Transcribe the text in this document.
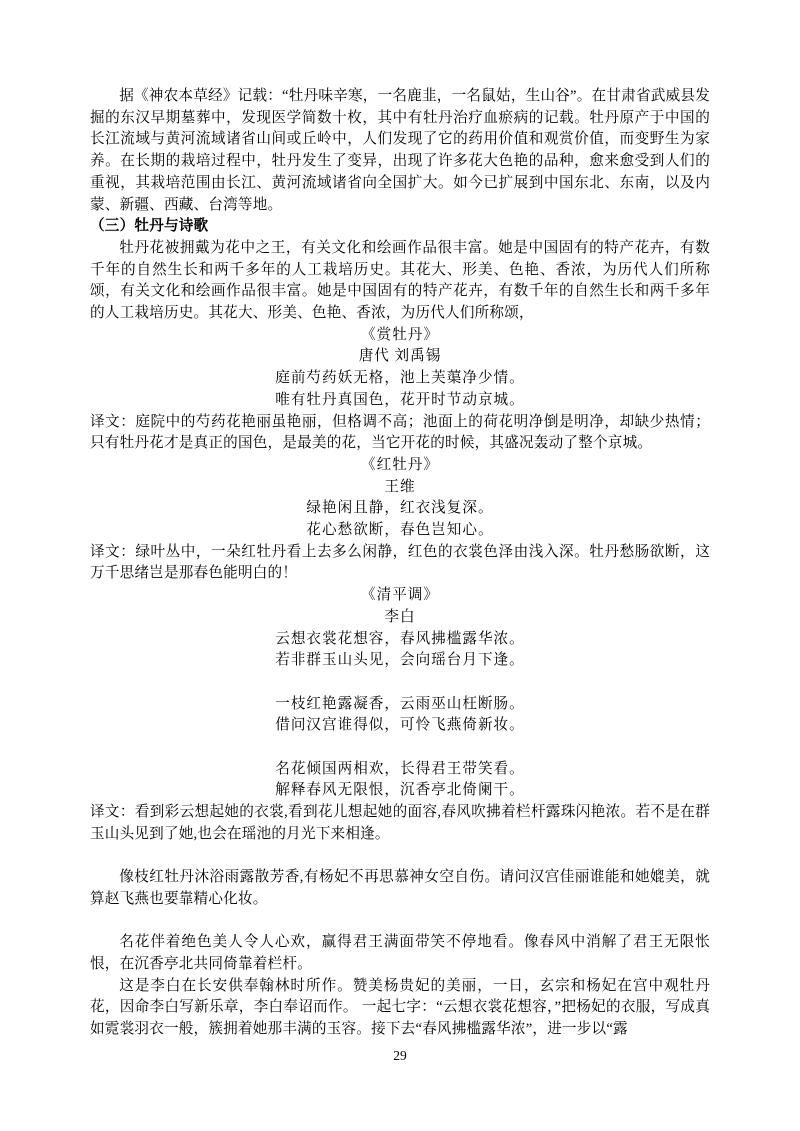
据《神农本草经》记载：“牡丹味辛寒，一名鹿韭，一名鼠姑，生山谷”。在甘肃省武威县发掘的东汉早期墓葬中，发现医学简数十枚，其中有牡丹治疗血瘀病的记载。牡丹原产于中国的长江流域与黄河流域诸省山间或丘岭中，人们发现了它的药用价值和观赏价值，而变野生为家养。在长期的栽培过程中，牡丹发生了变异，出现了许多花大色艳的品种，愈来愈受到人们的重视，其栽培范围由长江、黄河流域诸省向全国扩大。如今已扩展到中国东北、东南，以及内蒙、新疆、西藏、台湾等地。
（三）牡丹与诗歌
牡丹花被拥戴为花中之王，有关文化和绘画作品很丰富。她是中国固有的特产花卉，有数千年的自然生长和两千多年的人工栽培历史。其花大、形美、色艳、香浓，为历代人们所称颂，有关文化和绘画作品很丰富。她是中国固有的特产花卉，有数千年的自然生长和两千多年的人工栽培历史。其花大、形美、色艳、香浓，为历代人们所称颂，
《赏牡丹》
唐代 刘禹锡
庭前芍药妖无格，池上芙蕖净少情。
唯有牡丹真国色，花开时节动京城。
译文：庭院中的芍药花艳丽虽艳丽，但格调不高；池面上的荷花明净倒是明净，却缺少热情；只有牡丹花才是真正的国色，是最美的花，当它开花的时候，其盛况轰动了整个京城。
《红牡丹》
王维
绿艳闲且静，红衣浅复深。
花心愁欲断，春色岂知心。
译文：绿叶丛中，一朵红牡丹看上去多么闲静，红色的衣裳色泽由浅入深。牡丹愁肠欲断，这万千思绪岂是那春色能明白的！
《清平调》
李白
云想衣裳花想容，春风拂槛露华浓。
若非群玉山头见，会向瑶台月下逢。
一枝红艳露凝香，云雨巫山枉断肠。
借问汉宫谁得似，可怜飞燕倚新妆。
名花倾国两相欢，长得君王带笑看。
解释春风无限恨，沉香亭北倚阑干。
译文：看到彩云想起她的衣裳,看到花儿想起她的面容,春风吹拂着栏杆露珠闪艳浓。若不是在群玉山头见到了她,也会在瑶池的月光下来相逢。
像枝红牡丹沐浴雨露散芳香,有杨妃不再思慕神女空自伤。请问汉宫佳丽谁能和她媲美，就算赵飞燕也要靠精心化妆。
名花伴着绝色美人令人心欢，赢得君王满面带笑不停地看。像春风中消解了君王无限怅恨，在沉香亭北共同倚靠着栏杆。
这是李白在长安供奉翰林时所作。赞美杨贵妃的美丽，一日，玄宗和杨妃在宫中观牡丹花，因命李白写新乐章，李白奉诏而作。 一起七字：“云想衣裳花想容，”把杨妃的衣服，写成真如霓裳羽衣一般，簇拥着她那丰满的玉容。接下去“春风拂槛露华浓”，进一步以“露
29
